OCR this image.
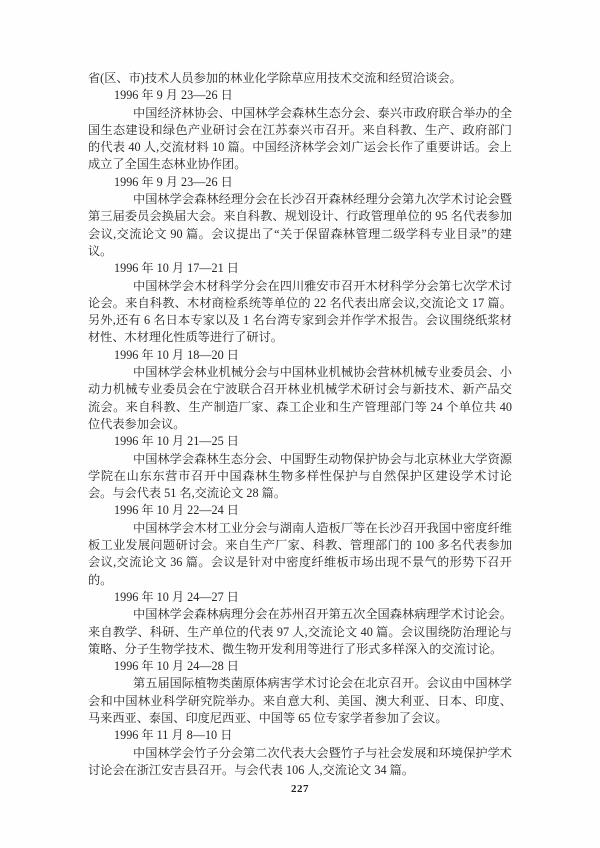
省(区、市)技术人员参加的林业化学除草应用技术交流和经贸洽谈会。

1996 年 9 月 23—26 日

中国经济林协会、中国林学会森林生态分会、泰兴市政府联合举办的全国生态建设和绿色产业研讨会在江苏泰兴市召开。来自科教、生产、政府部门的代表 40 人,交流材料 10 篇。中国经济林学会刘广运会长作了重要讲话。会上成立了全国生态林业协作团。

1996 年 9 月 23—26 日

中国林学会森林经理分会在长沙召开森林经理分会第九次学术讨论会暨第三届委员会换届大会。来自科教、规划设计、行政管理单位的 95 名代表参加会议,交流论文 90 篇。会议提出了“关于保留森林管理二级学科专业目录”的建议。

1996 年 10 月 17—21 日

中国林学会木材科学分会在四川雅安市召开木材科学分会第七次学术讨论会。来自科教、木材商检系统等单位的 22 名代表出席会议,交流论文 17 篇。另外,还有 6 名日本专家以及 1 名台湾专家到会并作学术报告。会议围绕纸浆材材性、木材理化性质等进行了研讨。

1996 年 10 月 18—20 日

中国林学会林业机械分会与中国林业机械协会营林机械专业委员会、小动力机械专业委员会在宁波联合召开林业机械学术研讨会与新技术、新产品交流会。来自科教、生产制造厂家、森工企业和生产管理部门等 24 个单位共 40 位代表参加会议。

1996 年 10 月 21—25 日

中国林学会森林生态分会、中国野生动物保护协会与北京林业大学资源学院在山东东营市召开中国森林生物多样性保护与自然保护区建设学术讨论会。与会代表 51 名,交流论文 28 篇。

1996 年 10 月 22—24 日

中国林学会木材工业分会与湖南人造板厂等在长沙召开我国中密度纤维板工业发展问题研讨会。来自生产厂家、科教、管理部门的 100 多名代表参加会议,交流论文 36 篇。会议是针对中密度纤维板市场出现不景气的形势下召开的。

1996 年 10 月 24—27 日

中国林学会森林病理分会在苏州召开第五次全国森林病理学术讨论会。来自教学、科研、生产单位的代表 97 人,交流论文 40 篇。会议围绕防治理论与策略、分子生物学技术、微生物开发利用等进行了形式多样深入的交流讨论。

1996 年 10 月 24—28 日

第五届国际植物类菌原体病害学术讨论会在北京召开。会议由中国林学会和中国林业科学研究院举办。来自意大利、美国、澳大利亚、日本、印度、马来西亚、泰国、印度尼西亚、中国等 65 位专家学者参加了会议。

1996 年 11 月 8—10 日

中国林学会竹子分会第二次代表大会暨竹子与社会发展和环境保护学术讨论会在浙江安吉县召开。与会代表 106 人,交流论文 34 篇。

227
